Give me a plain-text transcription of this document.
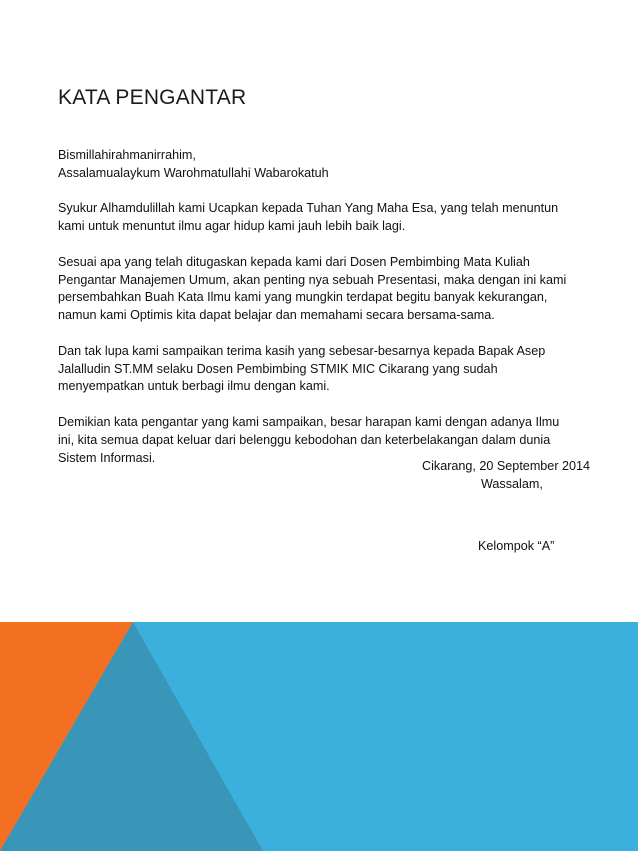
KATA PENGANTAR

Bismillahirahmanirrahim,
Assalamualaykum Warohmatullahi Wabarokatuh

Syukur Alhamdulillah kami Ucapkan kepada Tuhan Yang Maha Esa, yang telah menuntun
kami untuk menuntut ilmu agar hidup kami jauh lebih baik lagi.

Sesuai apa yang telah ditugaskan kepada kami dari Dosen Pembimbing Mata Kuliah
Pengantar Manajemen Umum, akan penting nya sebuah Presentasi, maka dengan ini kami
persembahkan Buah Kata Ilmu kami yang mungkin terdapat begitu banyak kekurangan,
namun kami Optimis kita dapat belajar dan memahami secara bersama-sama.

Dan tak lupa kami sampaikan terima kasih yang sebesar-besarnya kepada Bapak Asep
Jalalludin ST.MM selaku Dosen Pembimbing STMIK MIC Cikarang yang sudah
menyempatkan untuk berbagi ilmu dengan kami.

Demikian kata pengantar yang kami sampaikan, besar harapan kami dengan adanya Ilmu
ini, kita semua dapat keluar dari belenggu kebodohan dan keterbelakangan dalam dunia
Sistem Informasi.

Cikarang, 20 September 2014
Wassalam,
Kelompok “A”
